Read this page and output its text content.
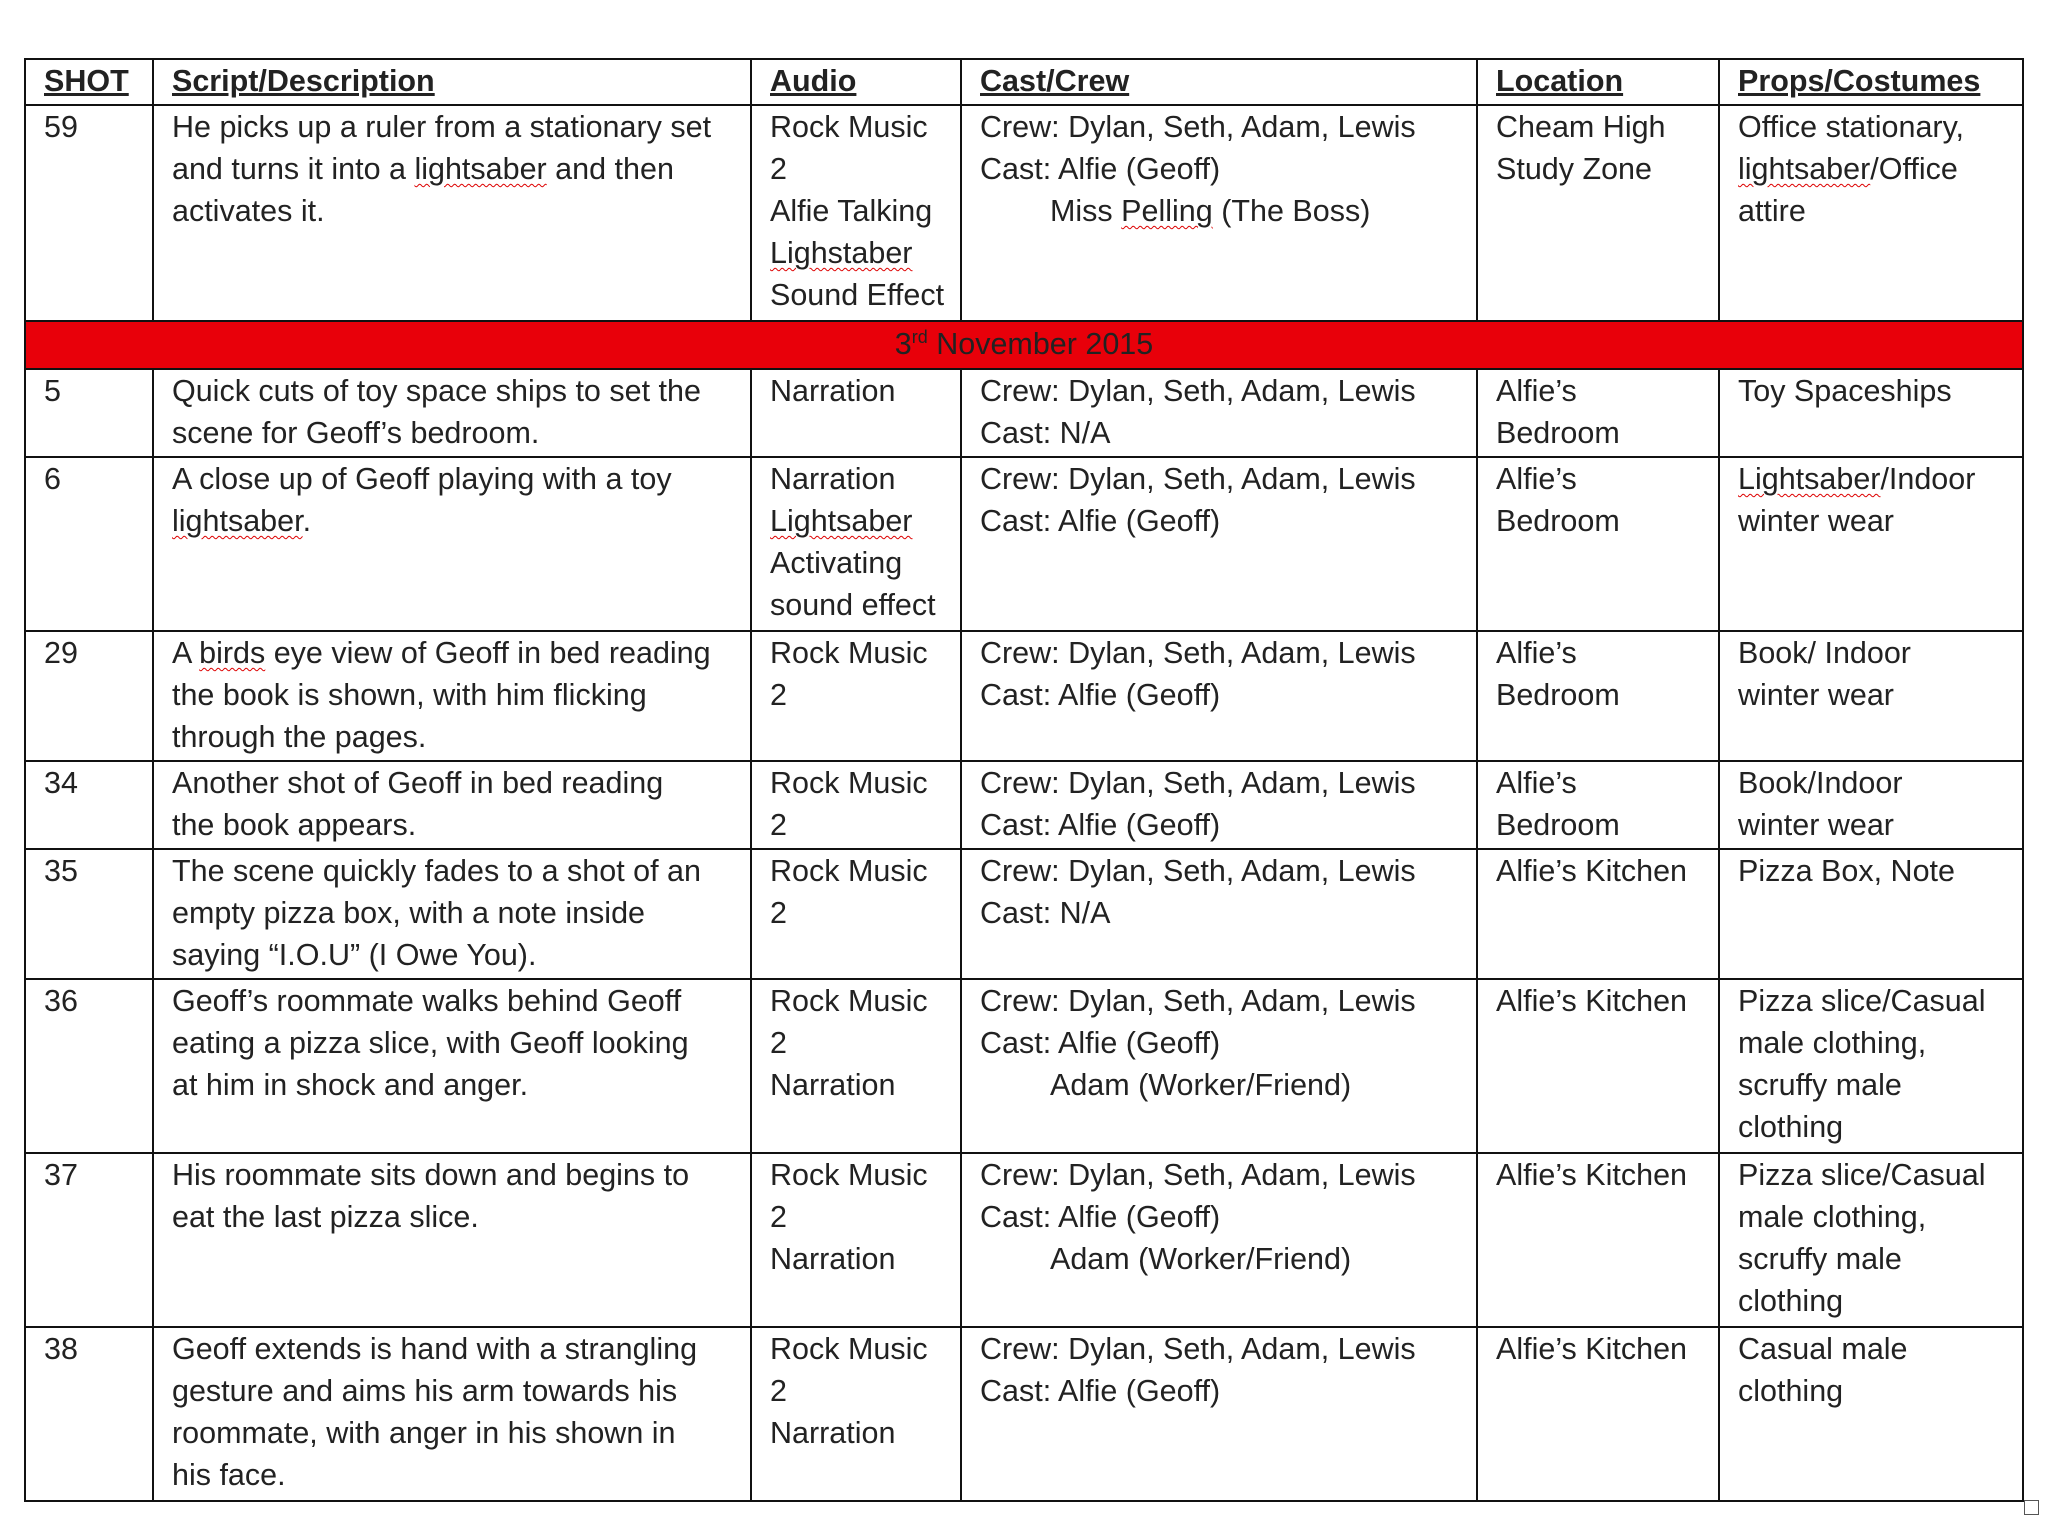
SHOT	Script/Description	Audio	Cast/Crew	Location	Props/Costumes
59	He picks up a ruler from a stationary set
and turns it into a lightsaber and then
activates it.	Rock Music
2
Alfie Talking
Lighstaber
Sound Effect	Crew: Dylan, Seth, Adam, Lewis
Cast: Alfie (Geoff)
Miss Pelling (The Boss)	Cheam High
Study Zone	Office stationary,
lightsaber/Office
attire

3rd November 2015					
5	Quick cuts of toy space ships to set the
scene for Geoff’s bedroom.	Narration	Crew: Dylan, Seth, Adam, Lewis
Cast: N/A	Alfie’s
Bedroom	Toy Spaceships

6	A close up of Geoff playing with a toy
lightsaber.	Narration
Lightsaber
Activating
sound effect	Crew: Dylan, Seth, Adam, Lewis
Cast: Alfie (Geoff)	Alfie’s
Bedroom	Lightsaber/Indoor
winter wear

29	A birds eye view of Geoff in bed reading
the book is shown, with him flicking
through the pages.	Rock Music
2	Crew: Dylan, Seth, Adam, Lewis
Cast: Alfie (Geoff)	Alfie’s
Bedroom	Book/ Indoor
winter wear

34	Another shot of Geoff in bed reading
the book appears.	Rock Music
2	Crew: Dylan, Seth, Adam, Lewis
Cast: Alfie (Geoff)	Alfie’s
Bedroom	Book/Indoor
winter wear

35	The scene quickly fades to a shot of an
empty pizza box, with a note inside
saying “I.O.U” (I Owe You).	Rock Music
2	Crew: Dylan, Seth, Adam, Lewis
Cast: N/A	Alfie’s Kitchen	Pizza Box, Note

36	Geoff’s roommate walks behind Geoff
eating a pizza slice, with Geoff looking
at him in shock and anger.	Rock Music
2
Narration	Crew: Dylan, Seth, Adam, Lewis
Cast: Alfie (Geoff)
Adam (Worker/Friend)	Alfie’s Kitchen	Pizza slice/Casual
male clothing,
scruffy male
clothing

37	His roommate sits down and begins to
eat the last pizza slice.	Rock Music
2
Narration	Crew: Dylan, Seth, Adam, Lewis
Cast: Alfie (Geoff)
Adam (Worker/Friend)	Alfie’s Kitchen	Pizza slice/Casual
male clothing,
scruffy male
clothing

38	Geoff extends is hand with a strangling
gesture and aims his arm towards his
roommate, with anger in his shown in
his face.	Rock Music
2
Narration	Crew: Dylan, Seth, Adam, Lewis
Cast: Alfie (Geoff)	Alfie’s Kitchen	Casual male
clothing
